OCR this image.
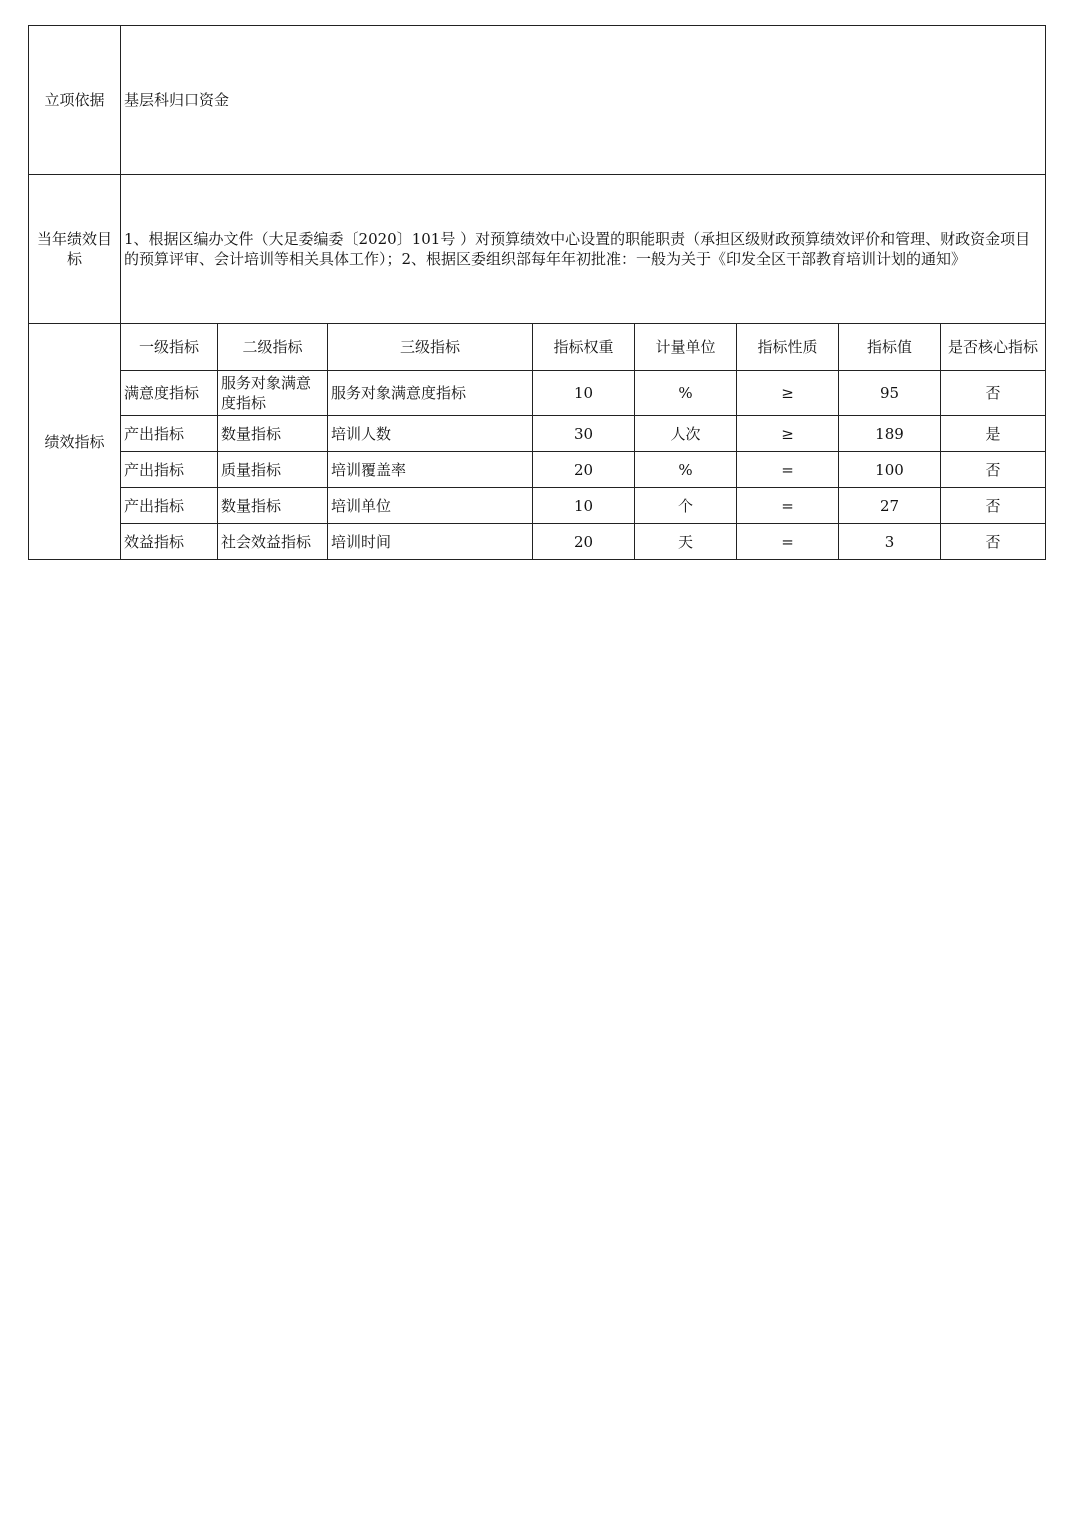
立项依据	基层科归口资金							
当年绩效目标	1、根据区编办文件（大足委编委〔2020〕101号 ）对预算绩效中心设置的职能职责（承担区级财政预算绩效评价和管理、财政资金项目的预算评审、会计培训等相关具体工作）；2、根据区委组织部每年年初批准：一般为关于《印发全区干部教育培训计划的通知》							
绩效指标	一级指标	二级指标	三级指标	指标权重	计量单位	指标性质	指标值	是否核心指标
	满意度指标	服务对象满意度指标	服务对象满意度指标	10	%	≥	95	否
	产出指标	数量指标	培训人数	30	人次	≥	189	是
	产出指标	质量指标	培训覆盖率	20	%	=	100	否
	产出指标	数量指标	培训单位	10	个	=	27	否
	效益指标	社会效益指标	培训时间	20	天	=	3	否
